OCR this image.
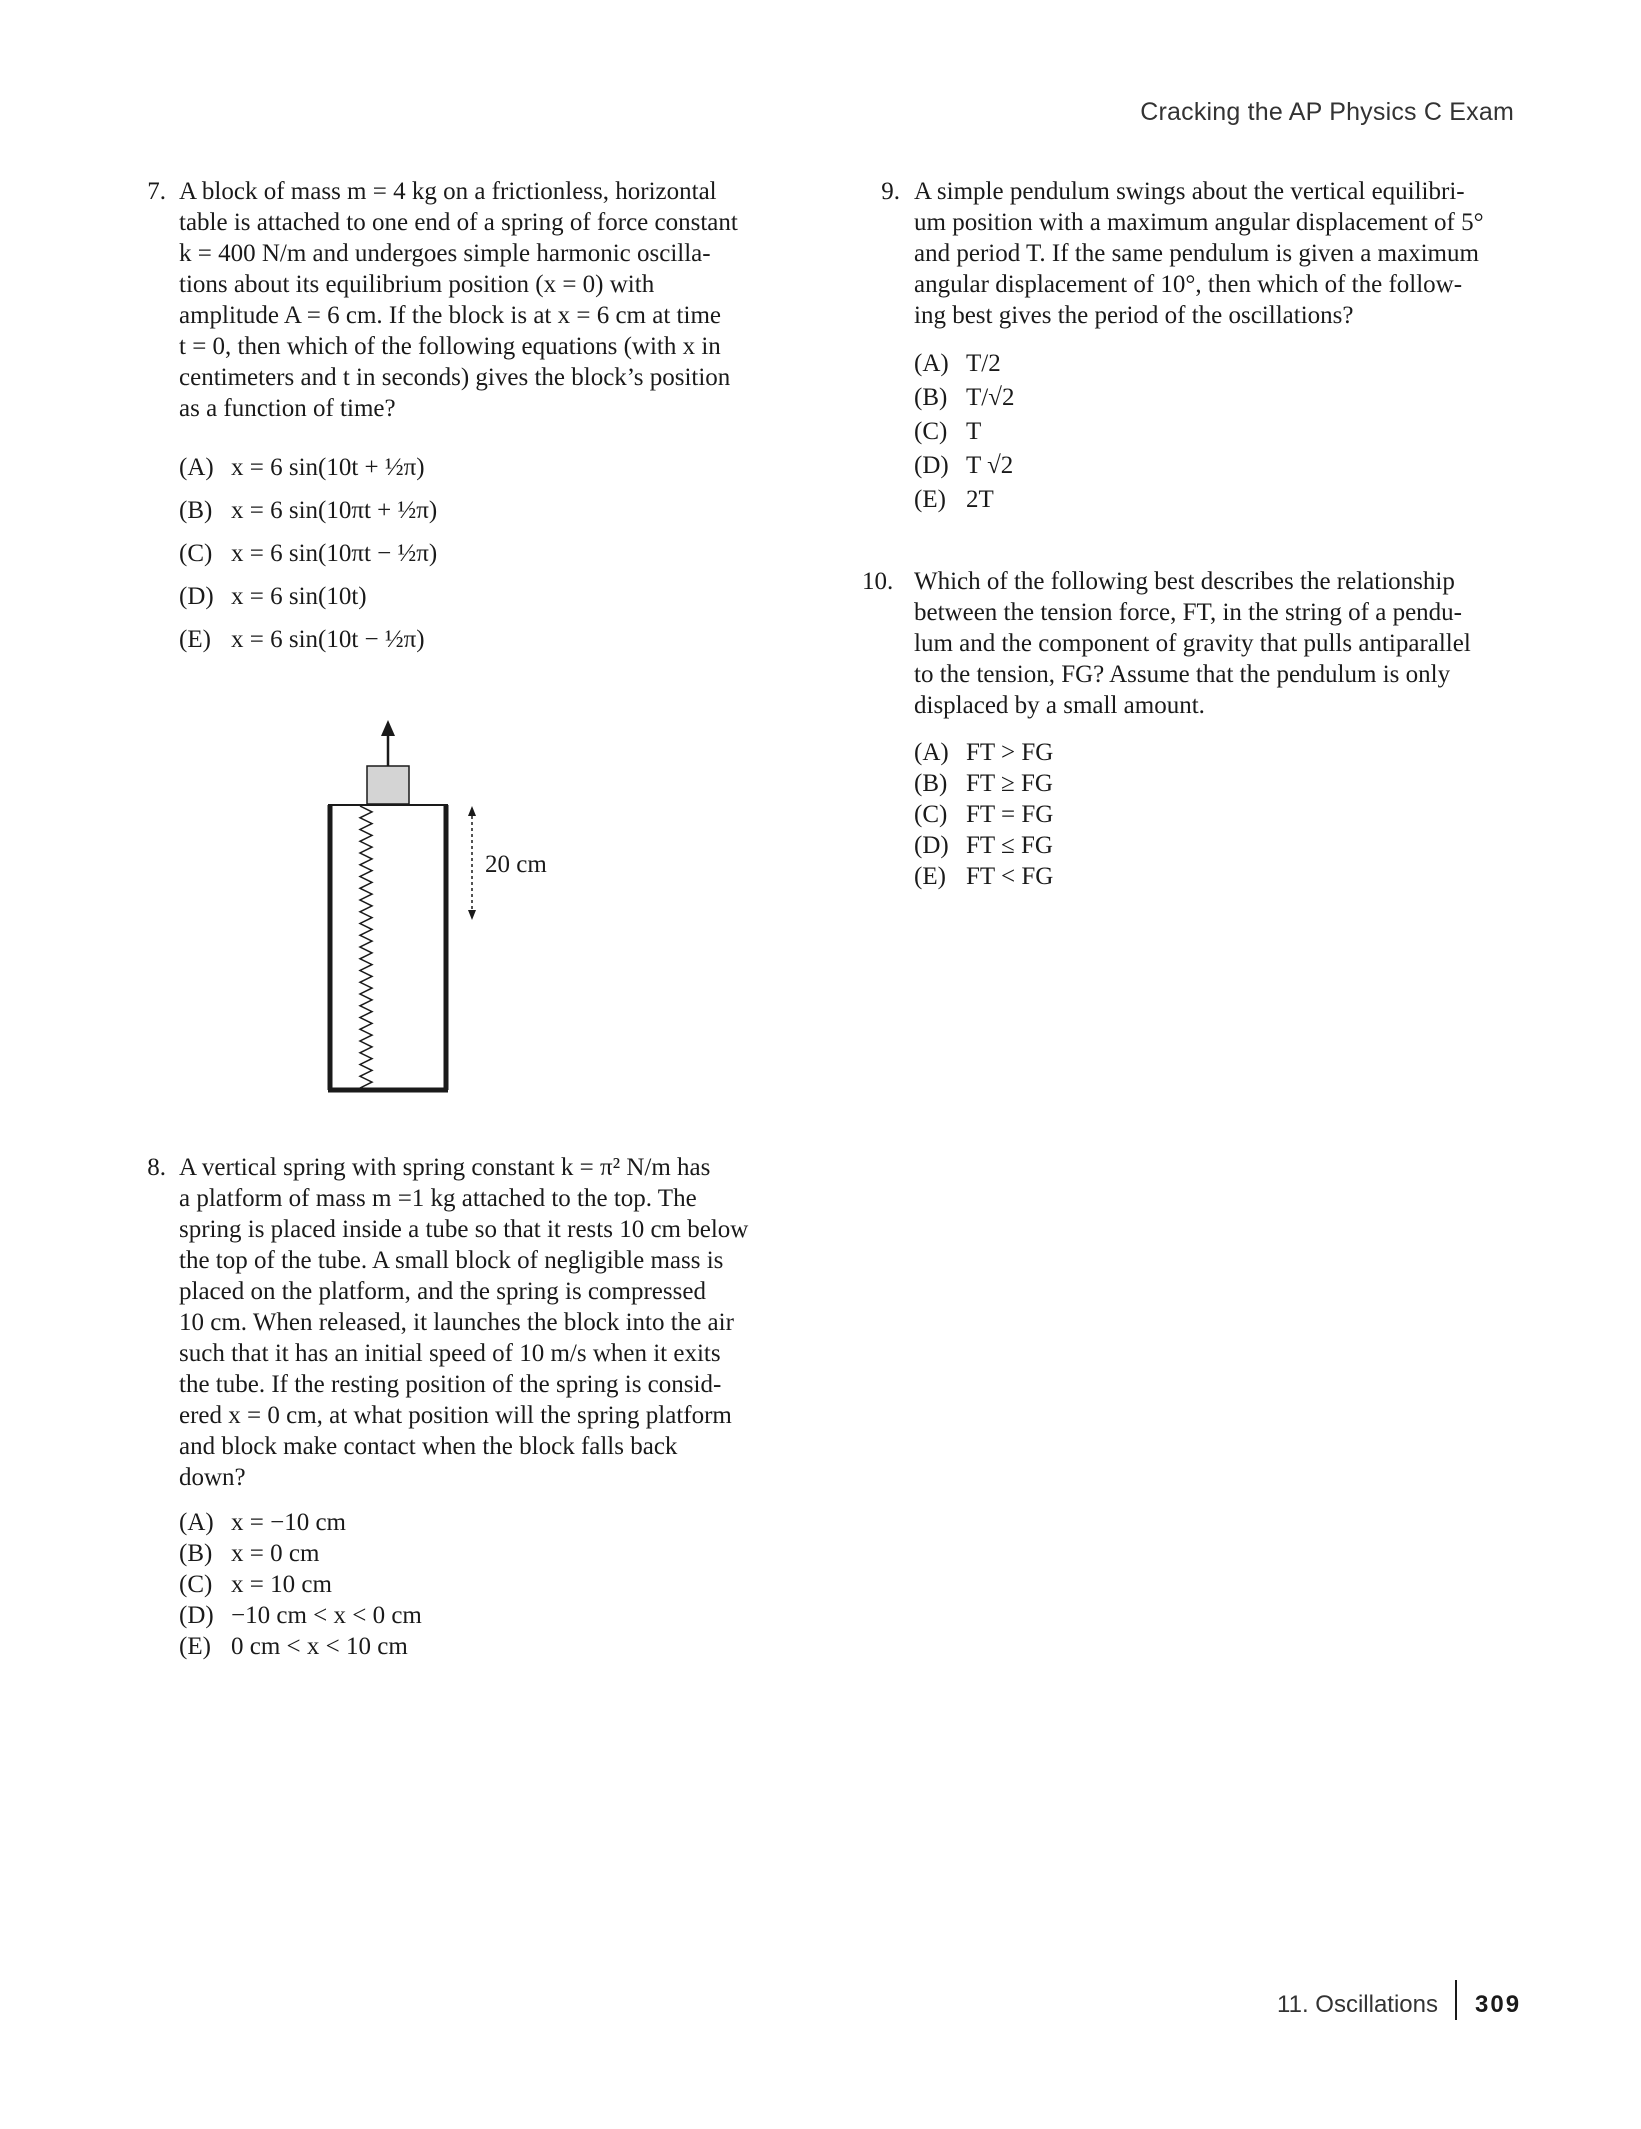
Cracking the AP Physics C Exam
7. A block of mass m = 4 kg on a frictionless, horizontal
table is attached to one end of a spring of force constant
k = 400 N/m and undergoes simple harmonic oscilla-
tions about its equilibrium position (x = 0) with
amplitude A = 6 cm. If the block is at x = 6 cm at time
t = 0, then which of the following equations (with x in
centimeters and t in seconds) gives the block’s position
as a function of time?
(A) x = 6 sin(10t + ½π)
(B) x = 6 sin(10πt + ½π)
(C) x = 6 sin(10πt − ½π)
(D) x = 6 sin(10t)
(E) x = 6 sin(10t − ½π)
20 cm
8. A vertical spring with spring constant k = π² N/m has
a platform of mass m =1 kg attached to the top. The
spring is placed inside a tube so that it rests 10 cm below
the top of the tube. A small block of negligible mass is
placed on the platform, and the spring is compressed
10 cm. When released, it launches the block into the air
such that it has an initial speed of 10 m/s when it exits
the tube. If the resting position of the spring is consid-
ered x = 0 cm, at what position will the spring platform
and block make contact when the block falls back
down?
(A) x = −10 cm
(B) x = 0 cm
(C) x = 10 cm
(D) −10 cm < x < 0 cm
(E) 0 cm < x < 10 cm
9. A simple pendulum swings about the vertical equilibri-
um position with a maximum angular displacement of 5°
and period T. If the same pendulum is given a maximum
angular displacement of 10°, then which of the follow-
ing best gives the period of the oscillations?
(A) T/2
(B) T/√2
(C) T
(D) T √2
(E) 2T
10. Which of the following best describes the relationship
between the tension force, FT, in the string of a pendu-
lum and the component of gravity that pulls antiparallel
to the tension, FG? Assume that the pendulum is only
displaced by a small amount.
(A) FT > FG
(B) FT ≥ FG
(C) FT = FG
(D) FT ≤ FG
(E) FT < FG
11. Oscillations 309
